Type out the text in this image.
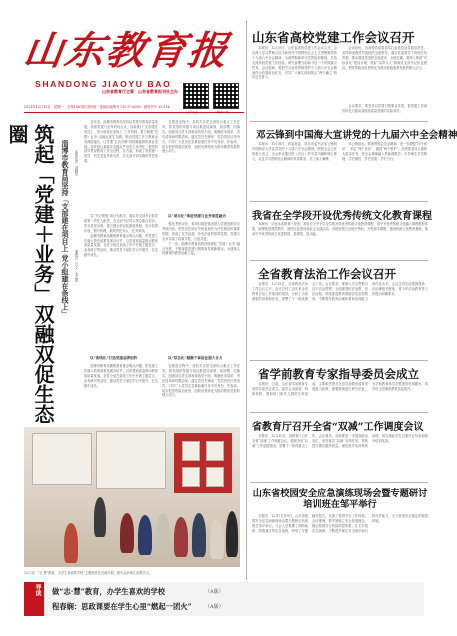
山东教育报
SHANDONG JIAOYU BAO
山东省教育厅主管　山东省教育报刊社主办
2021年12月13日　星期一　总第1861期 国内统一连续出版物号 CN 37-0009　邮发代号 23-156
山东省高校党建工作会议召开

本报讯　12月9日，山东省高校党建工作会议召开。会议深入学习贯彻习近平新时代中国特色社会主义思想和党的十九届六中全会精神，全面贯彻新时代党的组织路线，总结交流高校党建工作经验，研究部署当前和今后一个时期重点任务。会议强调，要把学习宣传贯彻党的十九届六中全会精神作为首要政治任务，引导广大师生深刻领会“两个确立”的决定性意义。

会议指出，各高校党委要切实扛起管党治党政治责任，坚持和加强党对高校的全面领导，落实党委领导下的校长负责制，推动基层党组织全面进步、全面过硬。要深入推进“对标争先”建设计划，抓好“双带头人”教师党支部书记队伍建设，把党的政治优势转化为推动高校改革发展的强大动力。

会议要求，要坚持以党建引领事业发展，把党建工作成效转化为推动高校高质量发展的实际成效。

邓云锋到中国海大宣讲党的十九届六中全会精神

本报讯　12月8日，省委常委、青岛市委书记邓云锋到中国海洋大学宣讲党的十九届六中全会精神，围绕全会召开的重大意义、全会审议通过的《决议》的丰富内涵和核心要义，以及学习贯彻全会精神的具体要求，作了深入阐释。

邓云锋指出，要深刻领会全会精神，进一步增强“四个意识”、坚定“四个自信”、做到“两个维护”。高校要坚持立德树人根本任务，把全会精神融入思政课教学，引导师生学史明理、学史增信、学史崇德、学史力行。

我省在全学段开设优秀传统文化教育课程

本报讯　记者从省教育厅获悉，我省在大中小学全学段开设优秀传统文化教育课程，将中华优秀传统文化融入课程教材体系，统筹推进课堂教学、校园文化建设和社会实践活动。各地各校立足地方特色，开发校本课程，建设传统文化教育基地，推动中华优秀传统文化进校园、进课堂、进头脑。

全省教育法治工作会议召开

本报讯　12月8日，全省教育法治工作会议召开。会议总结了近年来全省教育法治工作取得的成效，分析了当前面临的形势和任务，部署了下一阶段重点工作。会议要求，要深入学习贯彻习近平法治思想，全面推进依法治教、依法治校，持续推进教育系统法治宣传教育，不断提升教育治理体系和治理能力现代化水平。会议还对法治校园建设、法治副校长配备、青少年法治教育等工作提出明确要求。

省学前教育专家指导委员会成立

本报讯　日前，山东省学前教育专家指导委员会成立。委员会由高校、科研机构、教研部门和幼儿园的专家组成，主要职责是对全省学前教育改革发展重大政策、重要规划进行研究论证，为学前教育科学决策提供咨询服务，指导幼儿园保育教育质量提升。

省教育厅召开全省“双减”工作调度会议

本报讯　12月10日，省教育厅召开全省“双减”工作调度会议，通报全省“双减”工作进展情况，部署下一阶段重点工作。会议要求，各地要进一步提高政治站位，坚决落实“双减”各项任务，持续提升课后服务质量，深化校外培训机构治理，切实减轻学生过重作业负担和校外培训负担。

山东省校园安全应急演练现场会暨专题研讨培训班在邹平举行

本报讯　12月7日至9日，山东省校园安全应急演练现场会暨专题研讨培训班在邹平举行。与会人员观摩了消防疏散、防震减灾等应急演练，听取了专题辅导报告，交流了校园安全工作经验。会议强调，要牢固树立安全发展理念，健全校园安全风险防控体系，扎实开展应急演练，不断提升师生安全意识和自救自护能力，全力营造安全稳定的校园环境。

筑起「党建＋业务」双融双促生态圈
淄博市教育局坚持「支部建在项目上 党小组建在条线上」 本报记者　刘晓星
通讯员　吕文　毛正国

近年来，淄博市教育局坚持以党建引领高质量发展，找准党建与业务的结合点，创新推行“支部建在项目上、党小组建在条线上”工作机制，着力构建“党建＋业务”双融双促生态圈，推动党建工作与教育业务深度融合，让党建“红色引擎”持续赋能教育事业发展。局党组认真落实全面从严治党主体责任，把党的领导贯穿教育工作全过程、各方面，形成了党组统一领导、机关党委具体负责、各支部分别实施的责任体系。

在推进过程中，局机关各党支部结合重点工作任务，将党组织设置与项目推进同谋划、同部署、同落实，组建项目党支部和条线党小组，明确任务清单、责任清单和时限清单。通过党员先锋岗、党员责任区等形式，引导广大党员在急难险重任务中亮身份、作表率，切实把党的政治优势、组织优势转化为推动教育发展的强大动力。

以“项目化”推进党建与业务深度融合

以“书记领航”项目为抓手，落实党支部书记抓党建第一责任人职责，各支部书记带头领办重点项目，带头攻坚克难。建立健全项目化推进机制，实行挂图作战、销号管理，做到责任到人、任务到岗。

淄博市教育局聚焦教育重点难点问题，把党建工作融入教育改革发展各环节，以党建高质量推动教育高质量发展。各党小组在条线工作中开展主题党日、业务研讨等活动，推动党员干部在学习中提升、在实践中成长。

强化考核评价，将项目推进情况纳入党建述职评议考核内容，把党员在项目中的表现作为评先树优的重要依据，形成了比学赶超、争先创优的浓厚氛围，党建与业务实现了同频共振、互促共进。

下一步，淄博市教育局将持续深化“党建＋业务”融合发展，不断探索党建引领教育发展新路径，为建设人民满意的教育贡献力量。

以“条线化”打造党建品牌矩阵	以“常态化”凝聚干事创业强大合力

淄博市教育局聚焦教育重点难点问题，把党建工作融入教育改革发展各环节，以党建高质量推动教育高质量发展。各党小组在条线工作中开展主题党日、业务研讨等活动，推动党员干部在学习中提升、在实践中成长。

在推进过程中，局机关各党支部结合重点工作任务，将党组织设置与项目推进同谋划、同部署、同落实，组建项目党支部和条线党小组，明确任务清单、责任清单和时限清单。通过党员先锋岗、党员责任区等形式，引导广大党员在急难险重任务中亮身份、作表率，切实把党的政治优势、组织优势转化为推动教育发展的强大动力。

12月初，“志·慧”教育、办学生喜欢的学校”主题展览在济南开展，吸引众多师生参观学习。
导读 做“志·慧”教育，办学生喜欢的学校	（A版）
程春娴：思政课要在学生心里“燃起一团火”	（A版）
